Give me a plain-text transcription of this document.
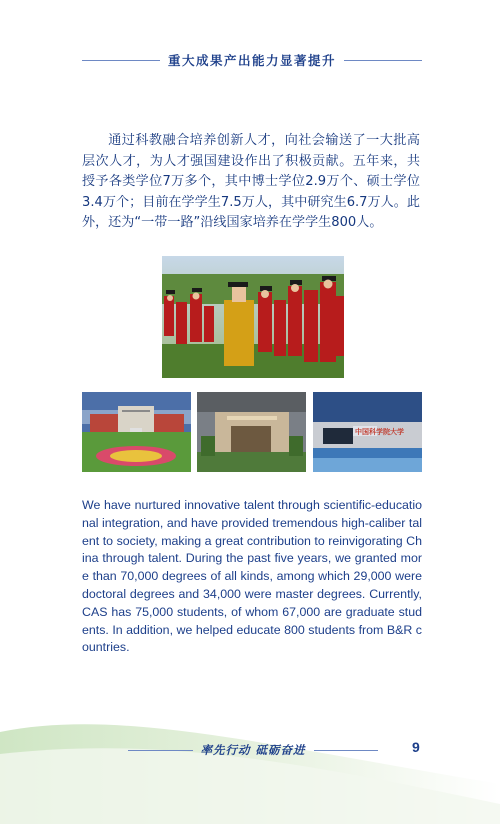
重大成果产出能力显著提升

通过科教融合培养创新人才，向社会输送了一大批高层次人才，为人才强国建设作出了积极贡献。五年来，共授予各类学位7万多个，其中博士学位2.9万个、硕士学位3.4万个；目前在学学生7.5万人，其中研究生6.7万人。此外，还为“一带一路”沿线国家培养在学学生800人。

中国科学院大学

We have nurtured innovative talent through scientific-educational integration, and have provided tremendous high-caliber talent to society, making a great contribution to reinvigorating China through talent. During the past five years, we granted more than 70,000 degrees of all kinds, among which 29,000 were doctoral degrees and 34,000 were master degrees. Currently, CAS has 75,000 students, of whom 67,000 are graduate students. In addition, we helped educate 800 students from B&R countries.

率先行动 砥砺奋进	9
